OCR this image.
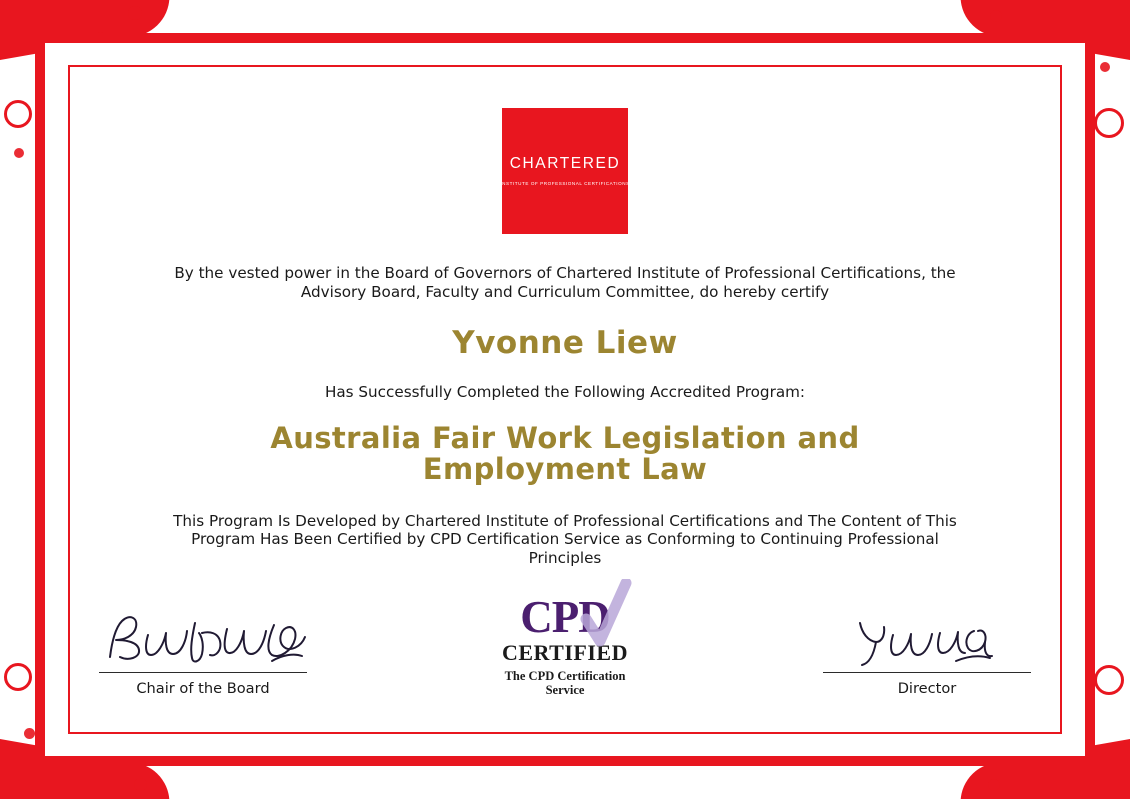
CHARTERED
INSTITUTE OF PROFESSIONAL CERTIFICATIONS
By the vested power in the Board of Governors of Chartered Institute of Professional Certifications, the Advisory Board, Faculty and Curriculum Committee, do hereby certify
Yvonne Liew
Has Successfully Completed the Following Accredited Program:
Australia Fair Work Legislation and Employment Law
This Program Is Developed by Chartered Institute of Professional Certifications and The Content of This Program Has Been Certified by CPD Certification Service as Conforming to Continuing Professional Principles
Chair of the Board
CPD
CERTIFIED
The CPD Certification Service	Director
